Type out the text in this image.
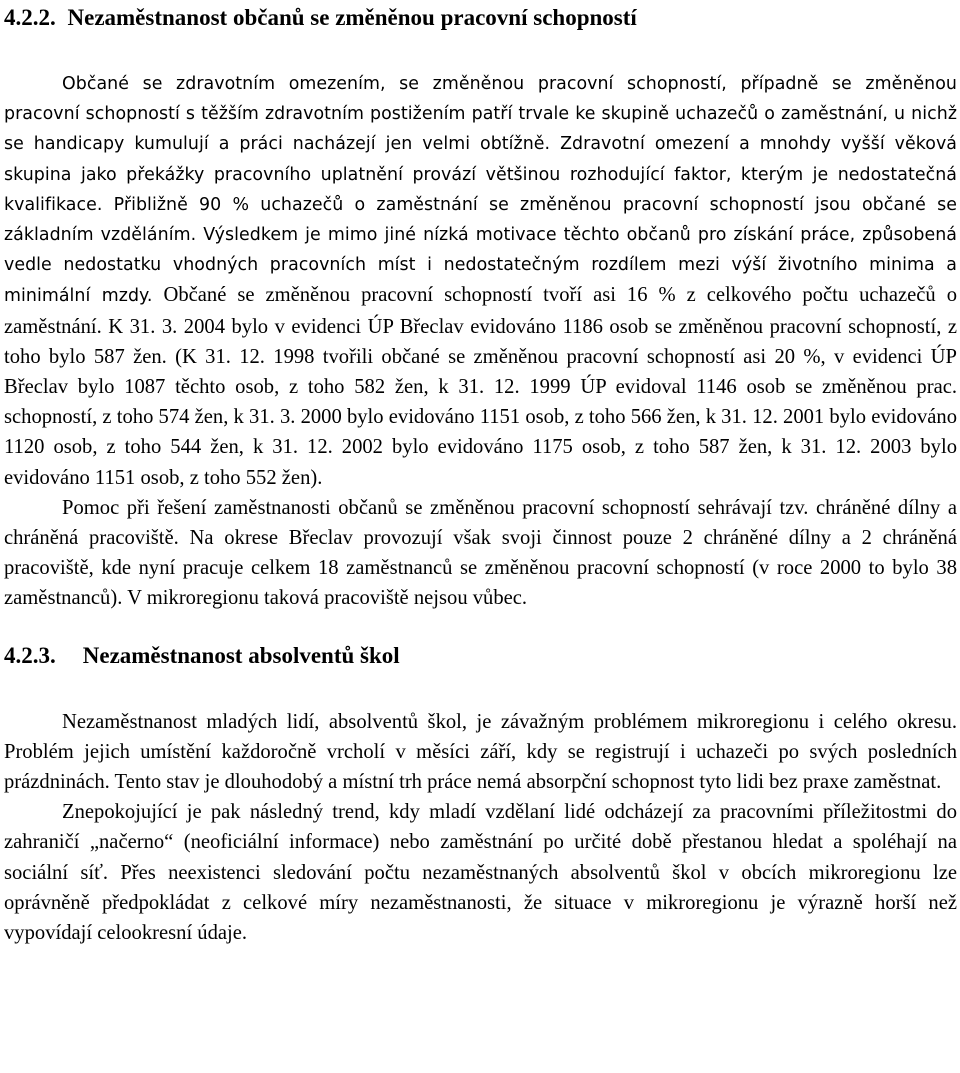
4.2.2. Nezaměstnanost občanů se změněnou pracovní schopností

Občané se zdravotním omezením, se změněnou pracovní schopností, případně se změněnou pracovní schopností s těžším zdravotním postižením patří trvale ke skupině uchazečů o zaměstnání, u nichž se handicapy kumulují a práci nacházejí jen velmi obtížně. Zdravotní omezení a mnohdy vyšší věková skupina jako překážky pracovního uplatnění provází většinou rozhodující faktor, kterým je nedostatečná kvalifikace. Přibližně 90 % uchazečů o zaměstnání se změněnou pracovní schopností jsou občané se základním vzděláním. Výsledkem je mimo jiné nízká motivace těchto občanů pro získání práce, způsobená vedle nedostatku vhodných pracovních míst i nedostatečným rozdílem mezi výší životního minima a minimální mzdy. Občané se změněnou pracovní schopností tvoří asi 16 % z celkového počtu uchazečů o zaměstnání. K 31. 3. 2004 bylo v evidenci ÚP Břeclav evidováno 1186 osob se změněnou pracovní schopností, z toho bylo 587 žen. (K 31. 12. 1998 tvořili občané se změněnou pracovní schopností asi 20 %, v evidenci ÚP Břeclav bylo 1087 těchto osob, z toho 582 žen, k 31. 12. 1999 ÚP evidoval 1146 osob se změněnou prac. schopností, z toho 574 žen, k 31. 3. 2000 bylo evidováno 1151 osob, z toho 566 žen, k 31. 12. 2001 bylo evidováno 1120 osob, z toho 544 žen, k 31. 12. 2002 bylo evidováno 1175 osob, z toho 587 žen, k 31. 12. 2003 bylo evidováno 1151 osob, z toho 552 žen).

Pomoc při řešení zaměstnanosti občanů se změněnou pracovní schopností sehrávají tzv. chráněné dílny a chráněná pracoviště. Na okrese Břeclav provozují však svoji činnost pouze 2 chráněné dílny a 2 chráněná pracoviště, kde nyní pracuje celkem 18 zaměstnanců se změněnou pracovní schopností (v roce 2000 to bylo 38 zaměstnanců). V mikroregionu taková pracoviště nejsou vůbec.

4.2.3. Nezaměstnanost absolventů škol

Nezaměstnanost mladých lidí, absolventů škol, je závažným problémem mikroregionu i celého okresu. Problém jejich umístění každoročně vrcholí v měsíci září, kdy se registrují i uchazeči po svých posledních prázdninách. Tento stav je dlouhodobý a místní trh práce nemá absorpční schopnost tyto lidi bez praxe zaměstnat.

Znepokojující je pak následný trend, kdy mladí vzdělaní lidé odcházejí za pracovními příležitostmi do zahraničí „načerno“ (neoficiální informace) nebo zaměstnání po určité době přestanou hledat a spoléhají na sociální síť. Přes neexistenci sledování počtu nezaměstnaných absolventů škol v obcích mikroregionu lze oprávněně předpokládat z celkové míry nezaměstnanosti, že situace v mikroregionu je výrazně horší než vypovídají celookresní údaje.
